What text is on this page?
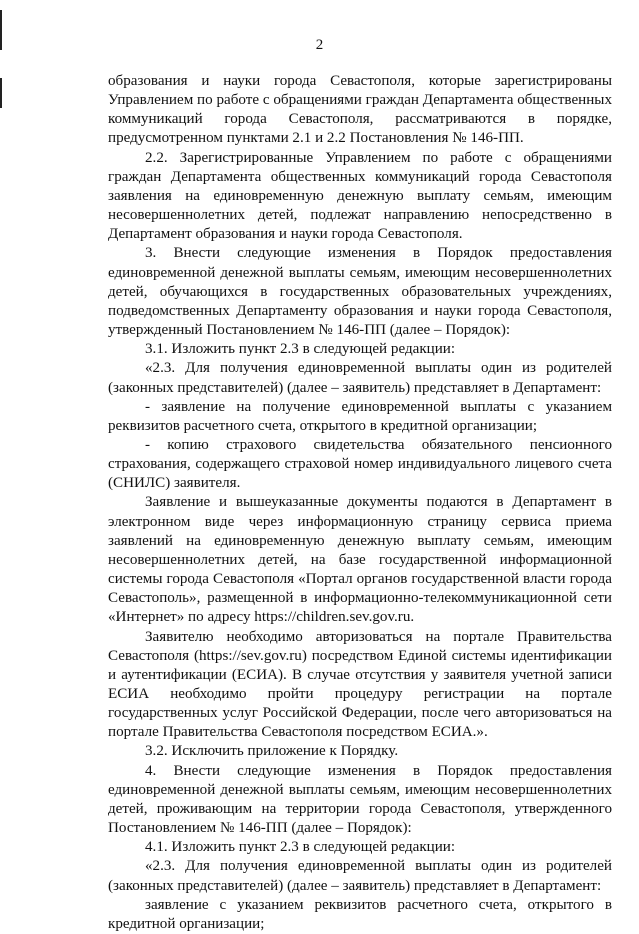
2

образования и науки города Севастополя, которые зарегистрированы Управлением по работе с обращениями граждан Департамента общественных коммуникаций города Севастополя, рассматриваются в порядке, предусмотренном пунктами 2.1 и 2.2 Постановления № 146-ПП.

2.2. Зарегистрированные Управлением по работе с обращениями граждан Департамента общественных коммуникаций города Севастополя заявления на единовременную денежную выплату семьям, имеющим несовершеннолетних детей, подлежат направлению непосредственно в Департамент образования и науки города Севастополя.

3. Внести следующие изменения в Порядок предоставления единовременной денежной выплаты семьям, имеющим несовершеннолетних детей, обучающихся в государственных образовательных учреждениях, подведомственных Департаменту образования и науки города Севастополя, утвержденный Постановлением № 146-ПП (далее – Порядок):

3.1. Изложить пункт 2.3 в следующей редакции:

«2.3. Для получения единовременной выплаты один из родителей (законных представителей) (далее – заявитель) представляет в Департамент:

- заявление на получение единовременной выплаты с указанием реквизитов расчетного счета, открытого в кредитной организации;

- копию страхового свидетельства обязательного пенсионного страхования, содержащего страховой номер индивидуального лицевого счета (СНИЛС) заявителя.

Заявление и вышеуказанные документы подаются в Департамент в электронном виде через информационную страницу сервиса приема заявлений на единовременную денежную выплату семьям, имеющим несовершеннолетних детей, на базе государственной информационной системы города Севастополя «Портал органов государственной власти города Севастополь», размещенной в информационно-телекоммуникационной сети «Интернет» по адресу https://children.sev.gov.ru.

Заявителю необходимо авторизоваться на портале Правительства Севастополя (https://sev.gov.ru) посредством Единой системы идентификации и аутентификации (ЕСИА). В случае отсутствия у заявителя учетной записи ЕСИА необходимо пройти процедуру регистрации на портале государственных услуг Российской Федерации, после чего авторизоваться на портале Правительства Севастополя посредством ЕСИА.».

3.2. Исключить приложение к Порядку.

4. Внести следующие изменения в Порядок предоставления единовременной денежной выплаты семьям, имеющим несовершеннолетних детей, проживающим на территории города Севастополя, утвержденного Постановлением № 146-ПП (далее – Порядок):

4.1. Изложить пункт 2.3 в следующей редакции:

«2.3. Для получения единовременной выплаты один из родителей (законных представителей) (далее – заявитель) представляет в Департамент:

заявление с указанием реквизитов расчетного счета, открытого в кредитной организации;
